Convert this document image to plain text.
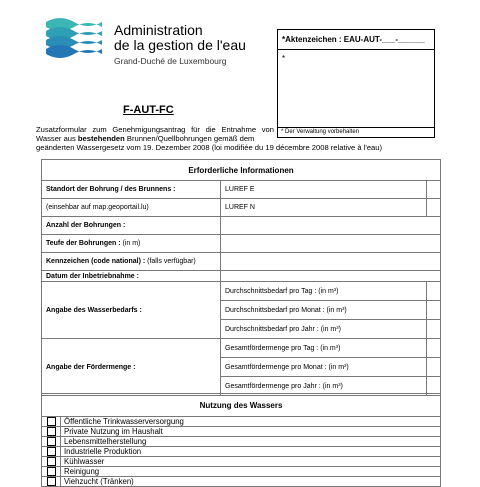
Administration
de la gestion de l'eau
Grand-Duché de Luxembourg
*Aktenzeichen : EAU-AUT-___-______
*
* Der Verwaltung vorbehalten
F-AUT-FC
Zusatzformular zum Genehmigungsantrag für die Entnahme von Wasser aus bestehenden Brunnen/Quellbohrungen gemäß dem
geänderten Wassergesetz vom 19. Dezember 2008 (loi modifiée du 19 décembre 2008 relative à l'eau)
Erforderliche Informationen		
Standort der Bohrung / des Brunnens :	LUREF E	
(einsehbar auf map.geoportail.lu)	LUREF N	
Anzahl der Bohrungen :		
Teufe der Bohrungen : (in m)		
Kennzeichen (code national) : (falls verfügbar)		
Datum der Inbetriebnahme :		
Angabe des Wasserbedarfs :	Durchschnittsbedarf pro Tag : (in m³)	
	Durchschnittsbedarf pro Monat : (in m³)	
	Durchschnittsbedarf pro Jahr : (in m³)	
Angabe der Fördermenge :	Gesamtfördermenge pro Tag : (in m³)	
	Gesamtfördermenge pro Monat : (in m³)	
	Gesamtfördermenge pro Jahr : (in m³)	
Nutzung des Wassers	
	Öffentliche Trinkwasserversorgung
	Private Nutzung im Haushalt
	Lebensmittelherstellung
	Industrielle Produktion
	Kühlwasser
	Reinigung
	Viehzucht (Tränken)
